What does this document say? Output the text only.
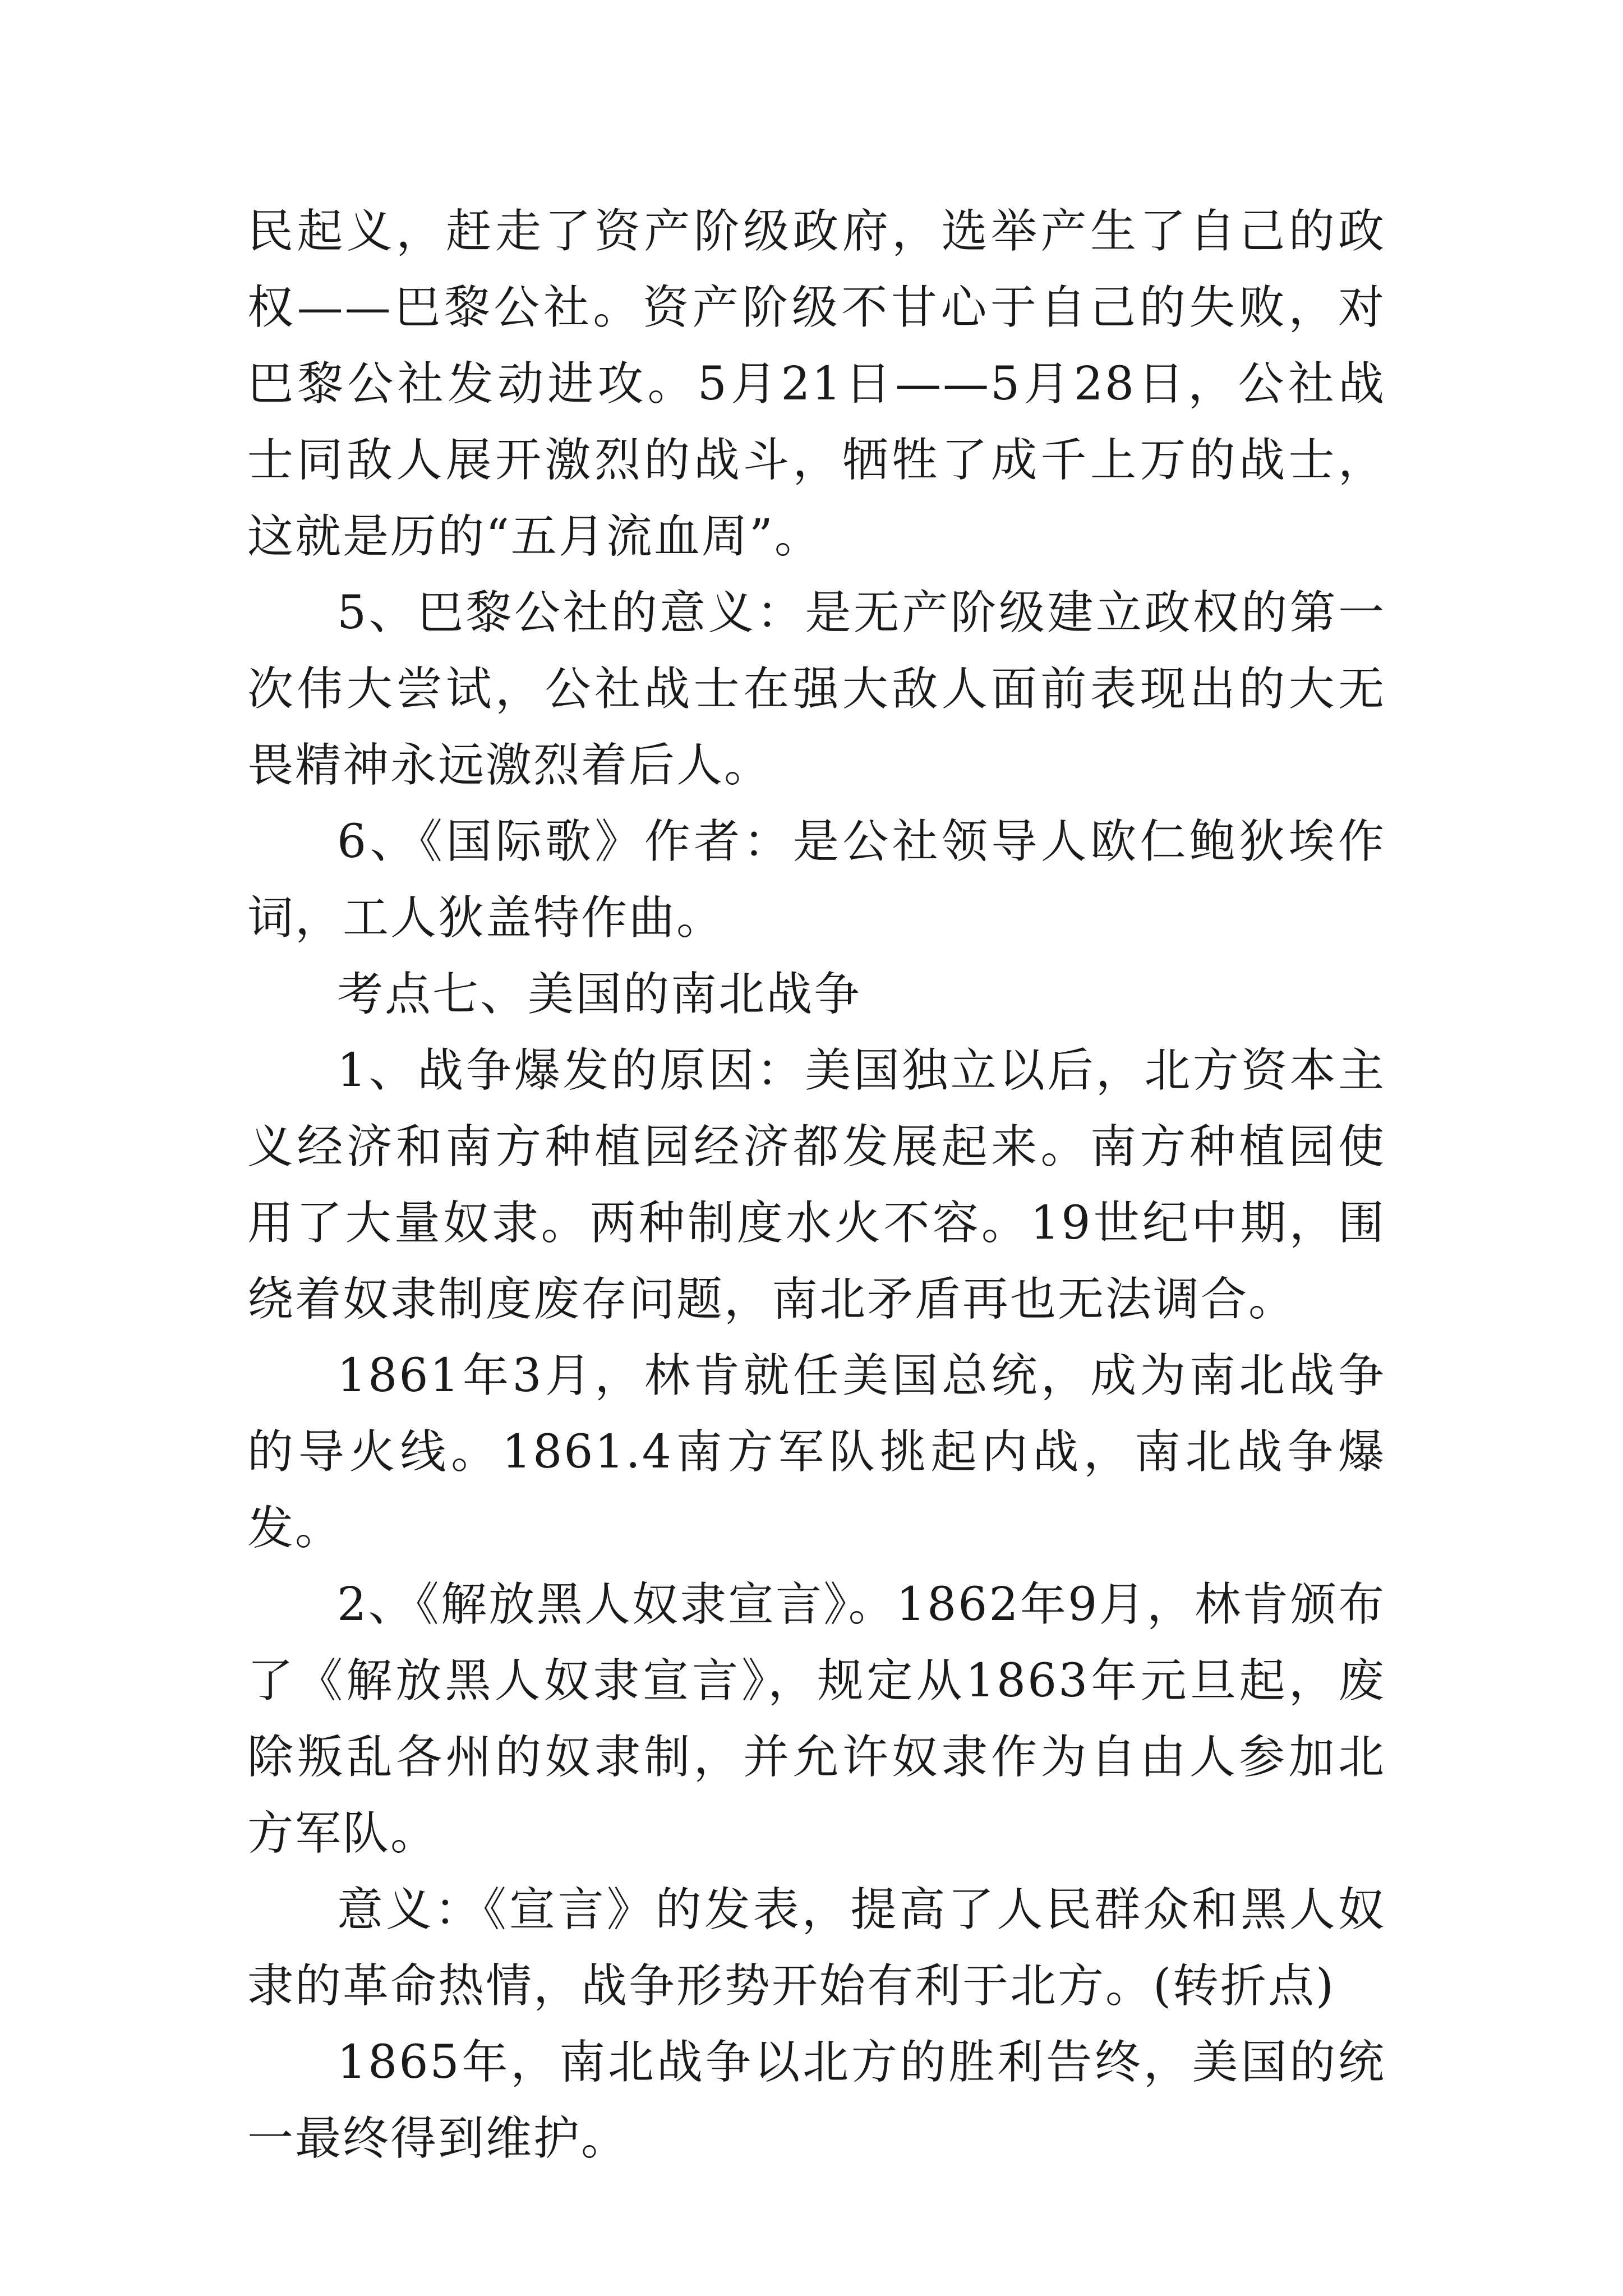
民起义，赶走了资产阶级政府，选举产生了自己的政权——巴黎公社。资产阶级不甘心于自己的失败，对巴黎公社发动进攻。5月21日——5月28日，公社战士同敌人展开激烈的战斗，牺牲了成千上万的战士，这就是历的“五月流血周”。

5、巴黎公社的意义：是无产阶级建立政权的第一次伟大尝试，公社战士在强大敌人面前表现出的大无畏精神永远激烈着后人。

6、《国际歌》作者：是公社领导人欧仁鲍狄埃作词，工人狄盖特作曲。

考点七、美国的南北战争

1、战争爆发的原因：美国独立以后，北方资本主义经济和南方种植园经济都发展起来。南方种植园使用了大量奴隶。两种制度水火不容。19世纪中期，围绕着奴隶制度废存问题，南北矛盾再也无法调合。

1861年3月，林肯就任美国总统，成为南北战争的导火线。1861.4南方军队挑起内战，南北战争爆发。

2、《解放黑人奴隶宣言》。1862年9月，林肯颁布了《解放黑人奴隶宣言》，规定从1863年元旦起，废除叛乱各州的奴隶制，并允许奴隶作为自由人参加北方军队。

意义：《宣言》的发表，提高了人民群众和黑人奴隶的革命热情，战争形势开始有利于北方。(转折点)

1865年，南北战争以北方的胜利告终，美国的统一最终得到维护。
